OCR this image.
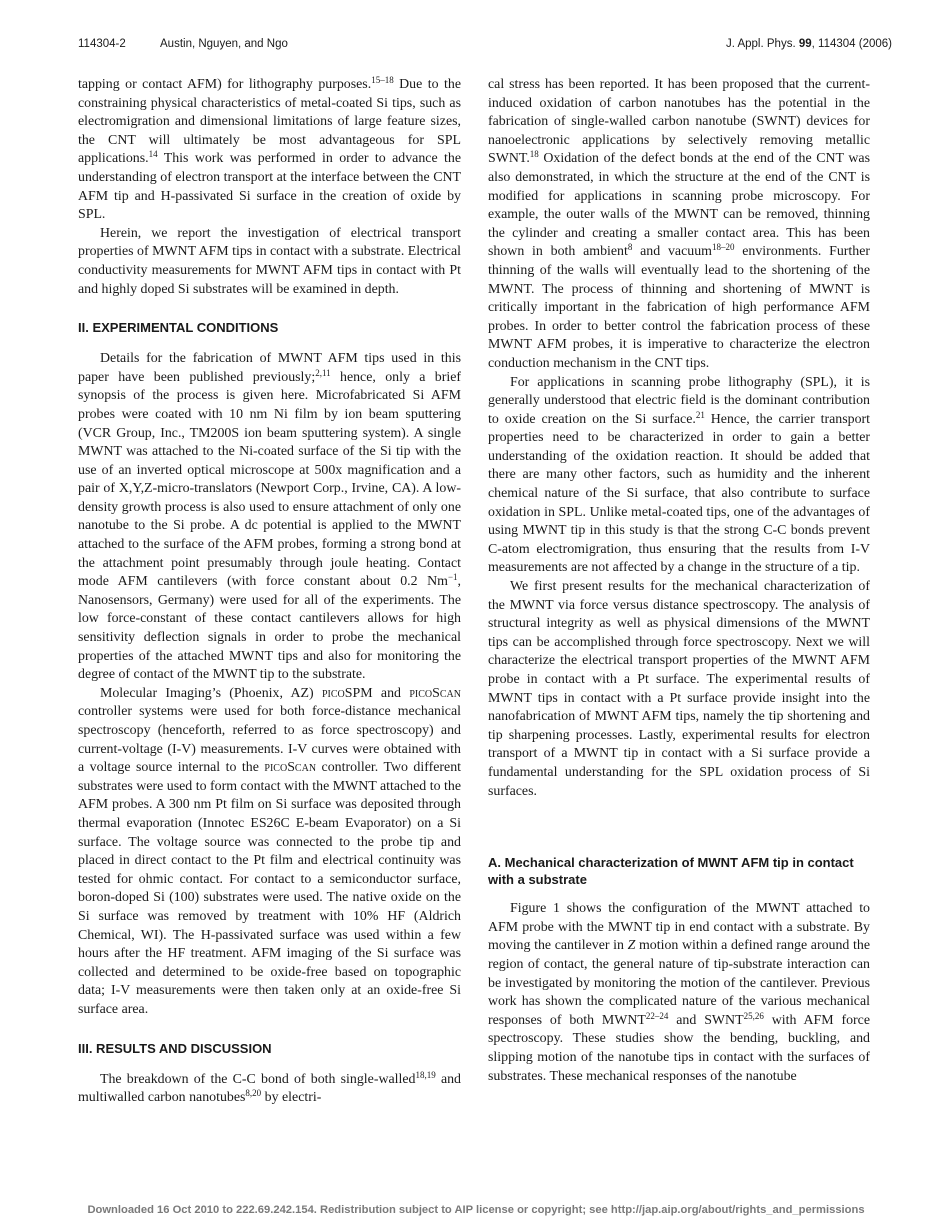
114304-2	Austin, Nguyen, and Ngo	J. Appl. Phys. 99, 114304 (2006)

tapping or contact AFM) for lithography purposes.$^{15-18}$ Due to the constraining physical characteristics of metal-coated Si tips, such as electromigration and dimensional limitations of large feature sizes, the CNT will ultimately be most advantageous for SPL applications.$^{14}$ This work was performed in order to advance the understanding of electron transport at the interface between the CNT AFM tip and H-passivated Si surface in the creation of oxide by SPL.

Herein, we report the investigation of electrical transport properties of MWNT AFM tips in contact with a substrate. Electrical conductivity measurements for MWNT AFM tips in contact with Pt and highly doped Si substrates will be examined in depth.

II. EXPERIMENTAL CONDITIONS

Details for the fabrication of MWNT AFM tips used in this paper have been published previously;$^{2,11}$ hence, only a brief synopsis of the process is given here. Microfabricated Si AFM probes were coated with 10 nm Ni film by ion beam sputtering (VCR Group, Inc., TM200S ion beam sputtering system). A single MWNT was attached to the Ni-coated surface of the Si tip with the use of an inverted optical microscope at 500x magnification and a pair of X,Y,Z-micro-translators (Newport Corp., Irvine, CA). A low-density growth process is also used to ensure attachment of only one nanotube to the Si probe. A dc potential is applied to the MWNT attached to the surface of the AFM probes, forming a strong bond at the attachment point presumably through joule heating. Contact mode AFM cantilevers (with force constant about 0.2 $Nm^{-1}$, Nanosensors, Germany) were used for all of the experiments. The low force-constant of these contact cantilevers allows for high sensitivity deflection signals in order to probe the mechanical properties of the attached MWNT tips and also for monitoring the degree of contact of the MWNT tip to the substrate.

Molecular Imaging’s (Phoenix, AZ) picoSPM and picoScan controller systems were used for both force-distance mechanical spectroscopy (henceforth, referred to as force spectroscopy) and current-voltage (I-V) measurements. I-V curves were obtained with a voltage source internal to the picoScan controller. Two different substrates were used to form contact with the MWNT attached to the AFM probes. A 300 nm Pt film on Si surface was deposited through thermal evaporation (Innotec ES26C E-beam Evaporator) on a Si surface. The voltage source was connected to the probe tip and placed in direct contact to the Pt film and electrical continuity was tested for ohmic contact. For contact to a semiconductor surface, boron-doped Si (100) substrates were used. The native oxide on the Si surface was removed by treatment with 10% HF (Aldrich Chemical, WI). The H-passivated surface was used within a few hours after the HF treatment. AFM imaging of the Si surface was collected and determined to be oxide-free based on topographic data; I-V measurements were then taken only at an oxide-free Si surface area.

III. RESULTS AND DISCUSSION

The breakdown of the C-C bond of both single-walled$^{18,19}$ and multiwalled carbon nanotubes$^{8,20}$ by electri-

cal stress has been reported. It has been proposed that the current-induced oxidation of carbon nanotubes has the potential in the fabrication of single-walled carbon nanotube (SWNT) devices for nanoelectronic applications by selectively removing metallic SWNT.$^{18}$ Oxidation of the defect bonds at the end of the CNT was also demonstrated, in which the structure at the end of the CNT is modified for applications in scanning probe microscopy. For example, the outer walls of the MWNT can be removed, thinning the cylinder and creating a smaller contact area. This has been shown in both ambient$^8$ and vacuum$^{18-20}$ environments. Further thinning of the walls will eventually lead to the shortening of the MWNT. The process of thinning and shortening of MWNT is critically important in the fabrication of high performance AFM probes. In order to better control the fabrication process of these MWNT AFM probes, it is imperative to characterize the electron conduction mechanism in the CNT tips.

For applications in scanning probe lithography (SPL), it is generally understood that electric field is the dominant contribution to oxide creation on the Si surface.$^{21}$ Hence, the carrier transport properties need to be characterized in order to gain a better understanding of the oxidation reaction. It should be added that there are many other factors, such as humidity and the inherent chemical nature of the Si surface, that also contribute to surface oxidation in SPL. Unlike metal-coated tips, one of the advantages of using MWNT tip in this study is that the strong C-C bonds prevent C-atom electromigration, thus ensuring that the results from I-V measurements are not affected by a change in the structure of a tip.

We first present results for the mechanical characterization of the MWNT via force versus distance spectroscopy. The analysis of structural integrity as well as physical dimensions of the MWNT tips can be accomplished through force spectroscopy. Next we will characterize the electrical transport properties of the MWNT AFM probe in contact with a Pt surface. The experimental results of MWNT tips in contact with a Pt surface provide insight into the nanofabrication of MWNT AFM tips, namely the tip shortening and tip sharpening processes. Lastly, experimental results for electron transport of a MWNT tip in contact with a Si surface provide a fundamental understanding for the SPL oxidation process of Si surfaces.

A. Mechanical characterization of MWNT AFM tip in contact with a substrate

Figure 1 shows the configuration of the MWNT attached to AFM probe with the MWNT tip in end contact with a substrate. By moving the cantilever in Z motion within a defined range around the region of contact, the general nature of tip-substrate interaction can be investigated by monitoring the motion of the cantilever. Previous work has shown the complicated nature of the various mechanical responses of both MWNT$^{22-24}$ and SWNT$^{25,26}$ with AFM force spectroscopy. These studies show the bending, buckling, and slipping motion of the nanotube tips in contact with the surfaces of substrates. These mechanical responses of the nanotube

Downloaded 16 Oct 2010 to 222.69.242.154. Redistribution subject to AIP license or copyright; see http://jap.aip.org/about/rights_and_permissions
